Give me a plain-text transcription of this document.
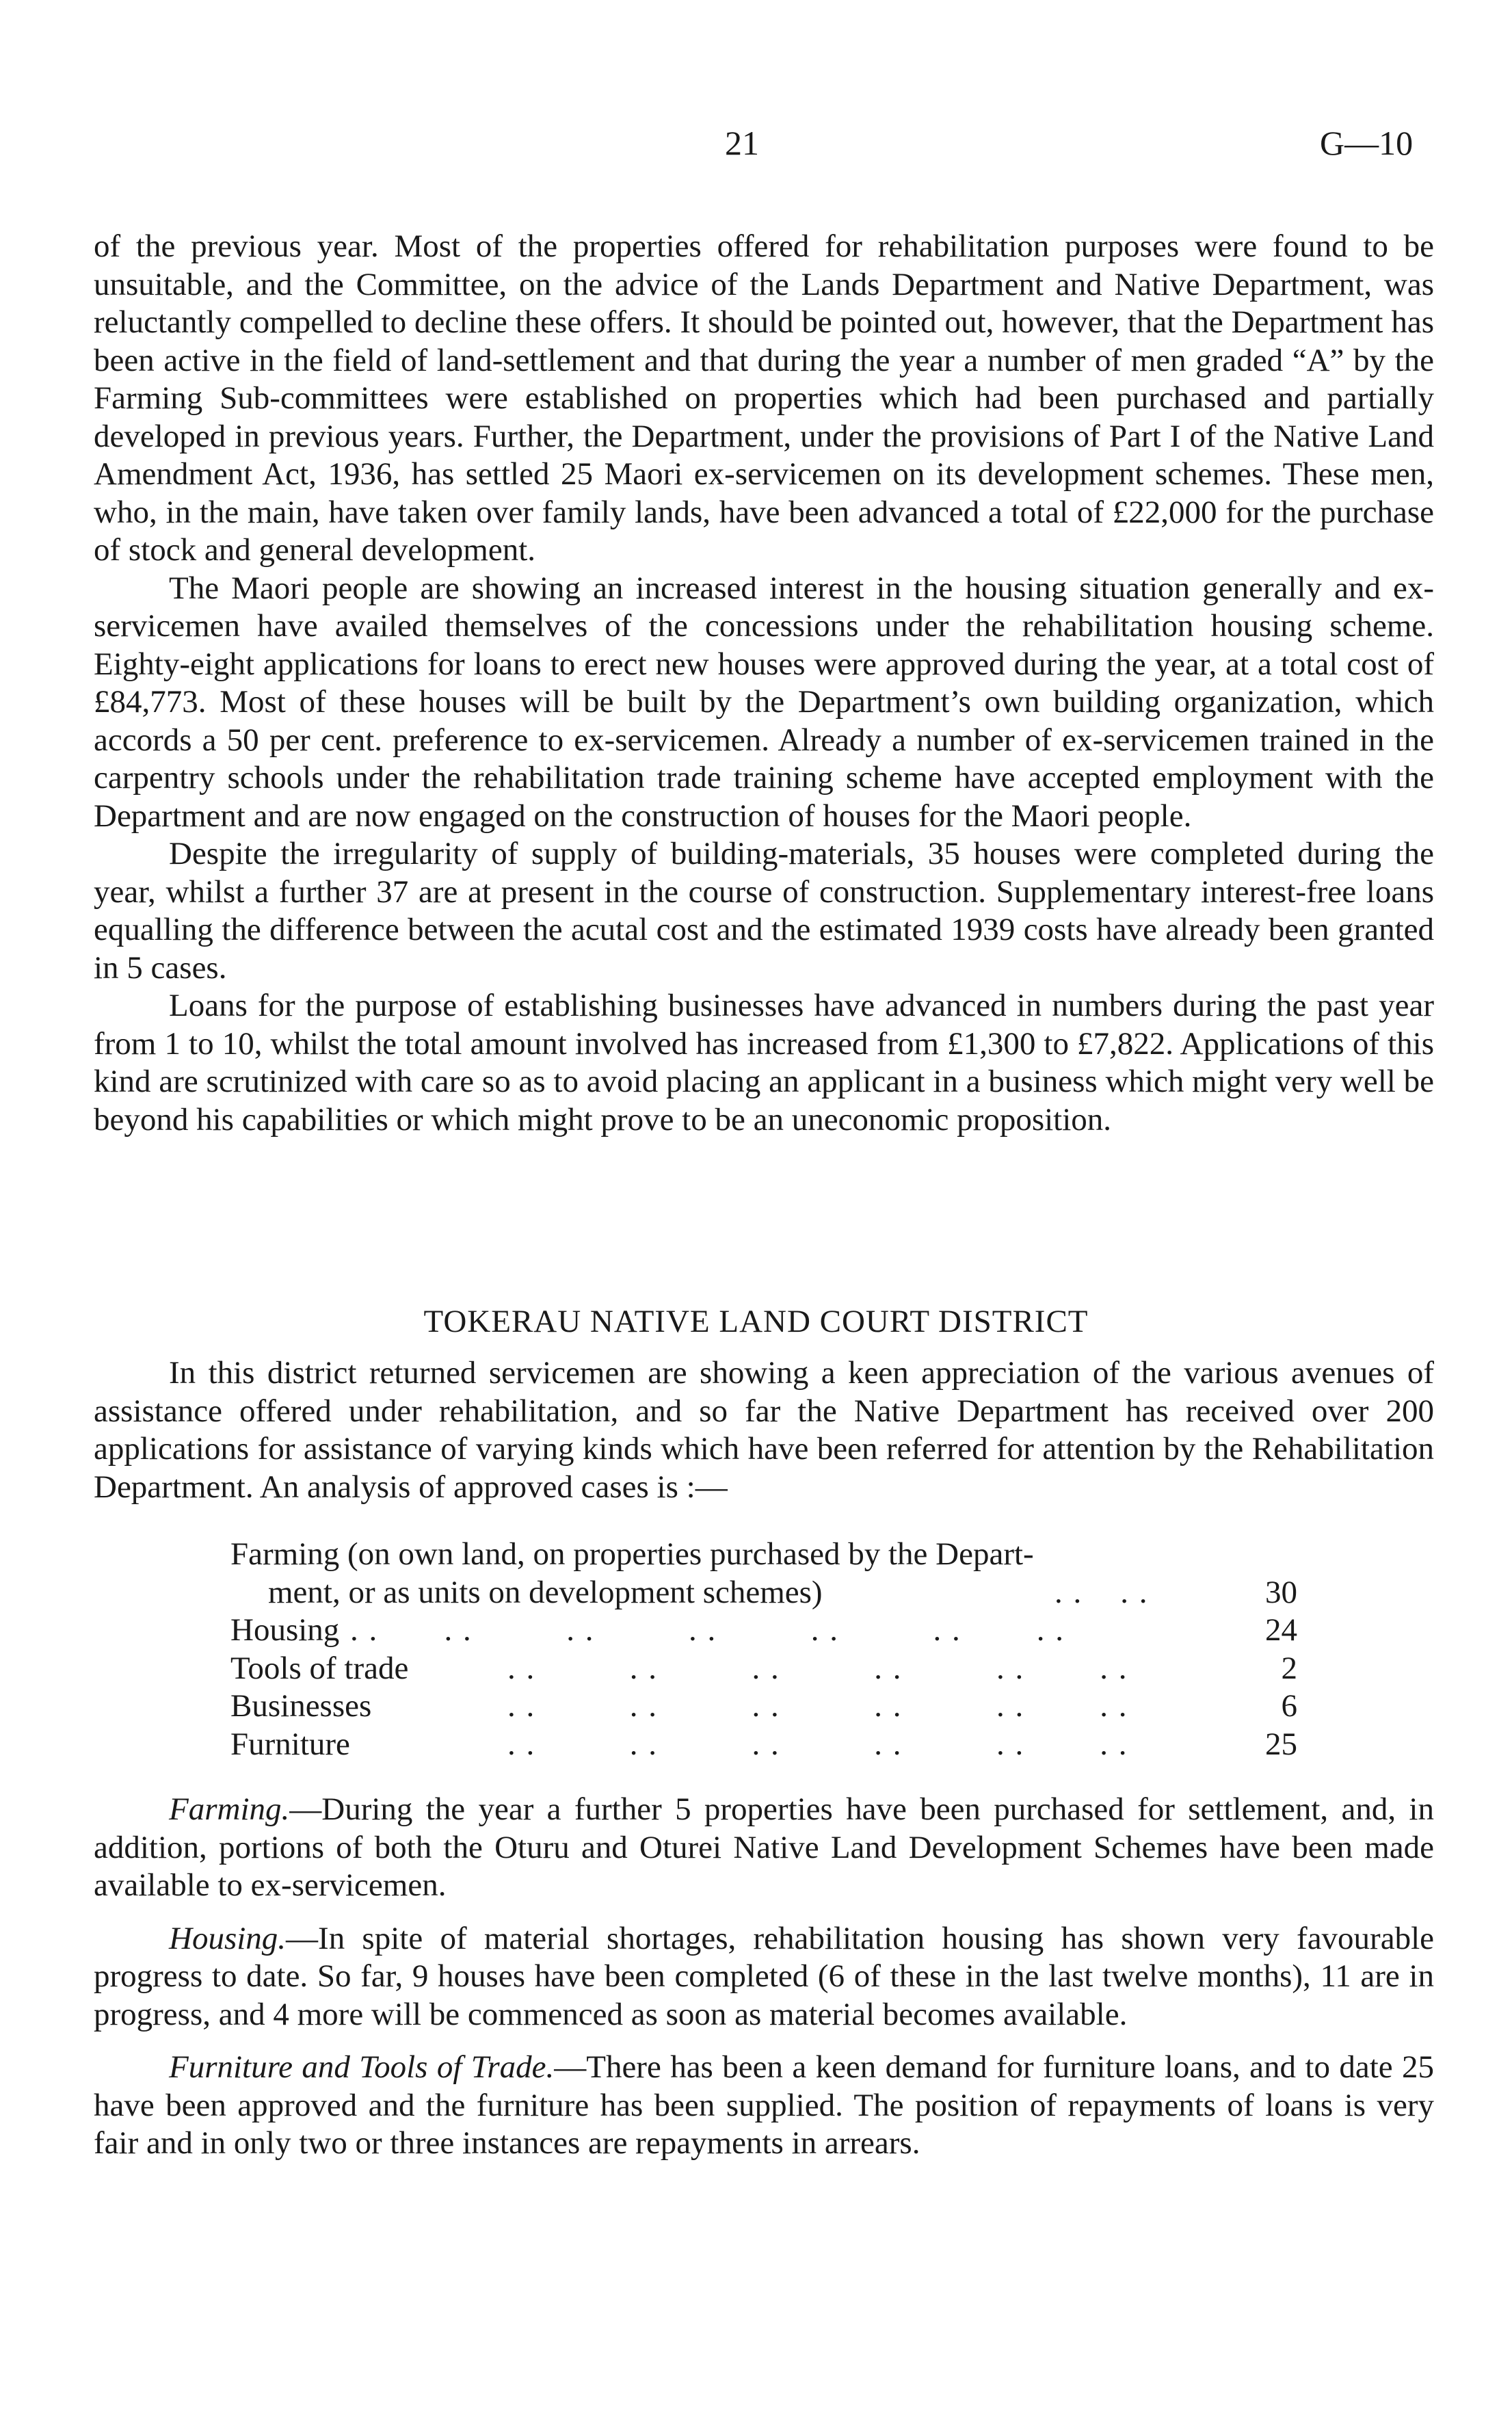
21	G—10

of the previous year. Most of the properties offered for rehabilitation purposes were found to be unsuitable, and the Committee, on the advice of the Lands Department and Native Department, was reluctantly compelled to decline these offers. It should be pointed out, however, that the Department has been active in the field of land-settlement and that during the year a number of men graded “A” by the Farming Sub-committees were established on properties which had been purchased and partially developed in previous years. Further, the Department, under the provisions of Part I of the Native Land Amendment Act, 1936, has settled 25 Maori ex-servicemen on its development schemes. These men, who, in the main, have taken over family lands, have been advanced a total of £22,000 for the purchase of stock and general development.

The Maori people are showing an increased interest in the housing situation generally and ex-servicemen have availed themselves of the concessions under the rehabilitation housing scheme. Eighty-eight applications for loans to erect new houses were approved during the year, at a total cost of £84,773. Most of these houses will be built by the Department’s own building organization, which accords a 50 per cent. preference to ex-servicemen. Already a number of ex-servicemen trained in the carpentry schools under the rehabilitation trade training scheme have accepted employment with the Department and are now engaged on the construction of houses for the Maori people.

Despite the irregularity of supply of building-materials, 35 houses were completed during the year, whilst a further 37 are at present in the course of construction. Supplementary interest-free loans equalling the difference between the acutal cost and the estimated 1939 costs have already been granted in 5 cases.

Loans for the purpose of establishing businesses have advanced in numbers during the past year from 1 to 10, whilst the total amount involved has increased from £1,300 to £7,822. Applications of this kind are scrutinized with care so as to avoid placing an applicant in a business which might very well be beyond his capabilities or which might prove to be an uneconomic proposition.

TOKERAU NATIVE LAND COURT DISTRICT

In this district returned servicemen are showing a keen appreciation of the various avenues of assistance offered under rehabilitation, and so far the Native Department has received over 200 applications for assistance of varying kinds which have been referred for attention by the Rehabilitation Department. An analysis of approved cases is :—

Farming (on own land, on properties purchased by the Depart-
ment, or as units on development schemes)	. .    . .	30
Housing . .       . .          . .          . .          . .          . .        . .	24
Tools of trade	. .          . .          . .          . .          . .        . .	2
Businesses	. .          . .          . .          . .          . .        . .	6
Furniture	. .          . .          . .          . .          . .        . .	25

Farming.—During the year a further 5 properties have been purchased for settlement, and, in addition, portions of both the Oturu and Oturei Native Land Development Schemes have been made available to ex-servicemen.

Housing.—In spite of material shortages, rehabilitation housing has shown very favourable progress to date. So far, 9 houses have been completed (6 of these in the last twelve months), 11 are in progress, and 4 more will be commenced as soon as material becomes available.

Furniture and Tools of Trade.—There has been a keen demand for furniture loans, and to date 25 have been approved and the furniture has been supplied. The position of repayments of loans is very fair and in only two or three instances are repayments in arrears.
